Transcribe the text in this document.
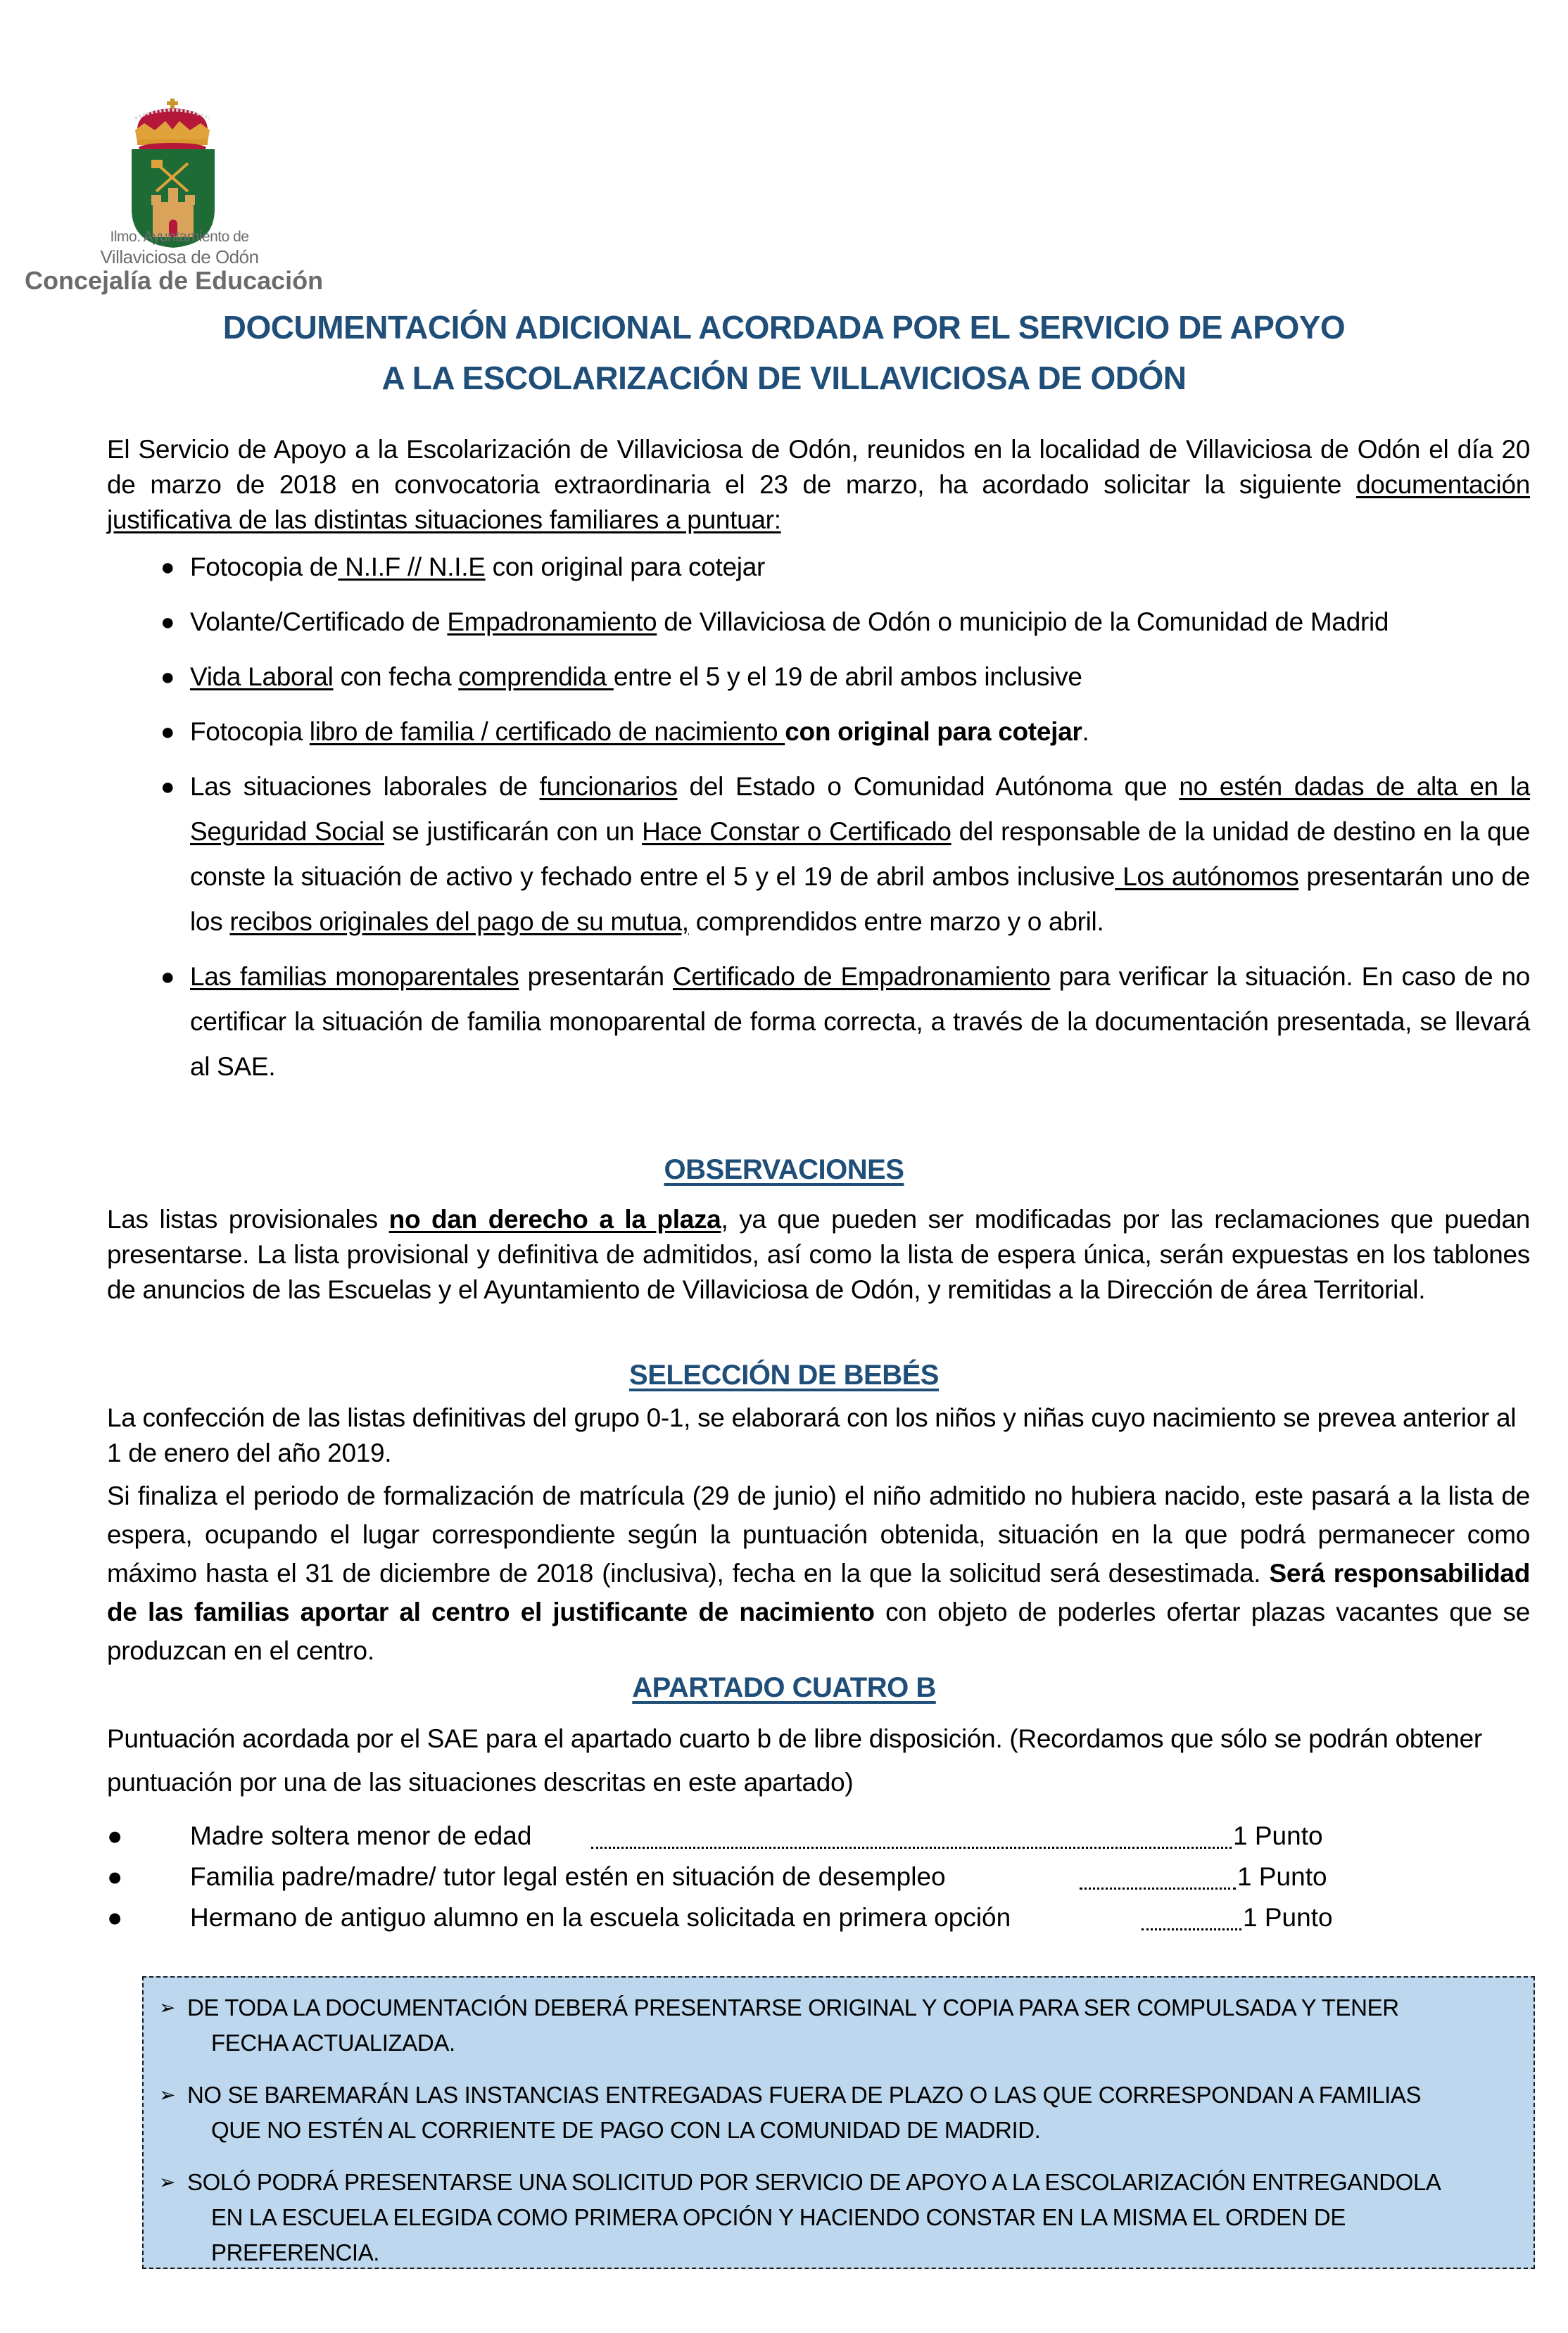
Ilmo. Ayuntamiento de
Villaviciosa de Odón
Concejalía de Educación
DOCUMENTACIÓN ADICIONAL ACORDADA POR EL SERVICIO DE APOYO
A LA ESCOLARIZACIÓN DE VILLAVICIOSA DE ODÓN
El Servicio de Apoyo a la Escolarización de Villaviciosa de Odón, reunidos en la localidad de Villaviciosa de Odón el día 20 de marzo de 2018 en convocatoria extraordinaria el 23 de marzo, ha acordado solicitar la siguiente documentación justificativa de las distintas situaciones familiares a puntuar:
● Fotocopia de N.I.F // N.I.E con original para cotejar
● Volante/Certificado de Empadronamiento de Villaviciosa de Odón o municipio de la Comunidad de Madrid
● Vida Laboral con fecha comprendida entre el 5 y el 19 de abril ambos inclusive
● Fotocopia libro de familia / certificado de nacimiento con original para cotejar.
● Las situaciones laborales de funcionarios del Estado o Comunidad Autónoma que no estén dadas de alta en la Seguridad Social se justificarán con un Hace Constar o Certificado del responsable de la unidad de destino en la que conste la situación de activo y fechado entre el 5 y el 19 de abril ambos inclusive Los autónomos presentarán uno de los recibos originales del pago de su mutua, comprendidos entre marzo y o abril.
● Las familias monoparentales presentarán Certificado de Empadronamiento para verificar la situación. En caso de no certificar la situación de familia monoparental de forma correcta, a través de la documentación presentada, se llevará al SAE.
OBSERVACIONES
Las listas provisionales no dan derecho a la plaza, ya que pueden ser modificadas por las reclamaciones que puedan presentarse. La lista provisional y definitiva de admitidos, así como la lista de espera única, serán expuestas en los tablones de anuncios de las Escuelas y el Ayuntamiento de Villaviciosa de Odón, y remitidas a la Dirección de área Territorial.
SELECCIÓN DE BEBÉS
La confección de las listas definitivas del grupo 0-1, se elaborará con los niños y niñas cuyo nacimiento se prevea anterior al 1 de enero del año 2019.
Si finaliza el periodo de formalización de matrícula (29 de junio) el niño admitido no hubiera nacido, este pasará a la lista de espera, ocupando el lugar correspondiente según la puntuación obtenida, situación en la que podrá permanecer como máximo hasta el 31 de diciembre de 2018 (inclusiva), fecha en la que la solicitud será desestimada. Será responsabilidad de las familias aportar al centro el justificante de nacimiento con objeto de poderles ofertar plazas vacantes que se produzcan en el centro.
APARTADO CUATRO B
Puntuación acordada por el SAE para el apartado cuarto b de libre disposición. (Recordamos que sólo se podrán obtener puntuación por una de las situaciones descritas en este apartado)
●	Madre soltera menor de edad	1 Punto
●	Familia padre/madre/ tutor legal estén en situación de desempleo	1 Punto
●	Hermano de antiguo alumno en la escuela solicitada en primera opción	1 Punto
➢ DE TODA LA DOCUMENTACIÓN DEBERÁ PRESENTARSE ORIGINAL Y COPIA PARA SER COMPULSADA Y TENER
FECHA ACTUALIZADA.
➢ NO SE BAREMARÁN LAS INSTANCIAS ENTREGADAS FUERA DE PLAZO O LAS QUE CORRESPONDAN A FAMILIAS
QUE NO ESTÉN AL CORRIENTE DE PAGO CON LA COMUNIDAD DE MADRID.
➢ SOLÓ PODRÁ PRESENTARSE UNA SOLICITUD POR SERVICIO DE APOYO A LA ESCOLARIZACIÓN ENTREGANDOLA
EN LA ESCUELA ELEGIDA COMO PRIMERA OPCIÓN Y HACIENDO CONSTAR EN LA MISMA EL ORDEN DE
PREFERENCIA.
